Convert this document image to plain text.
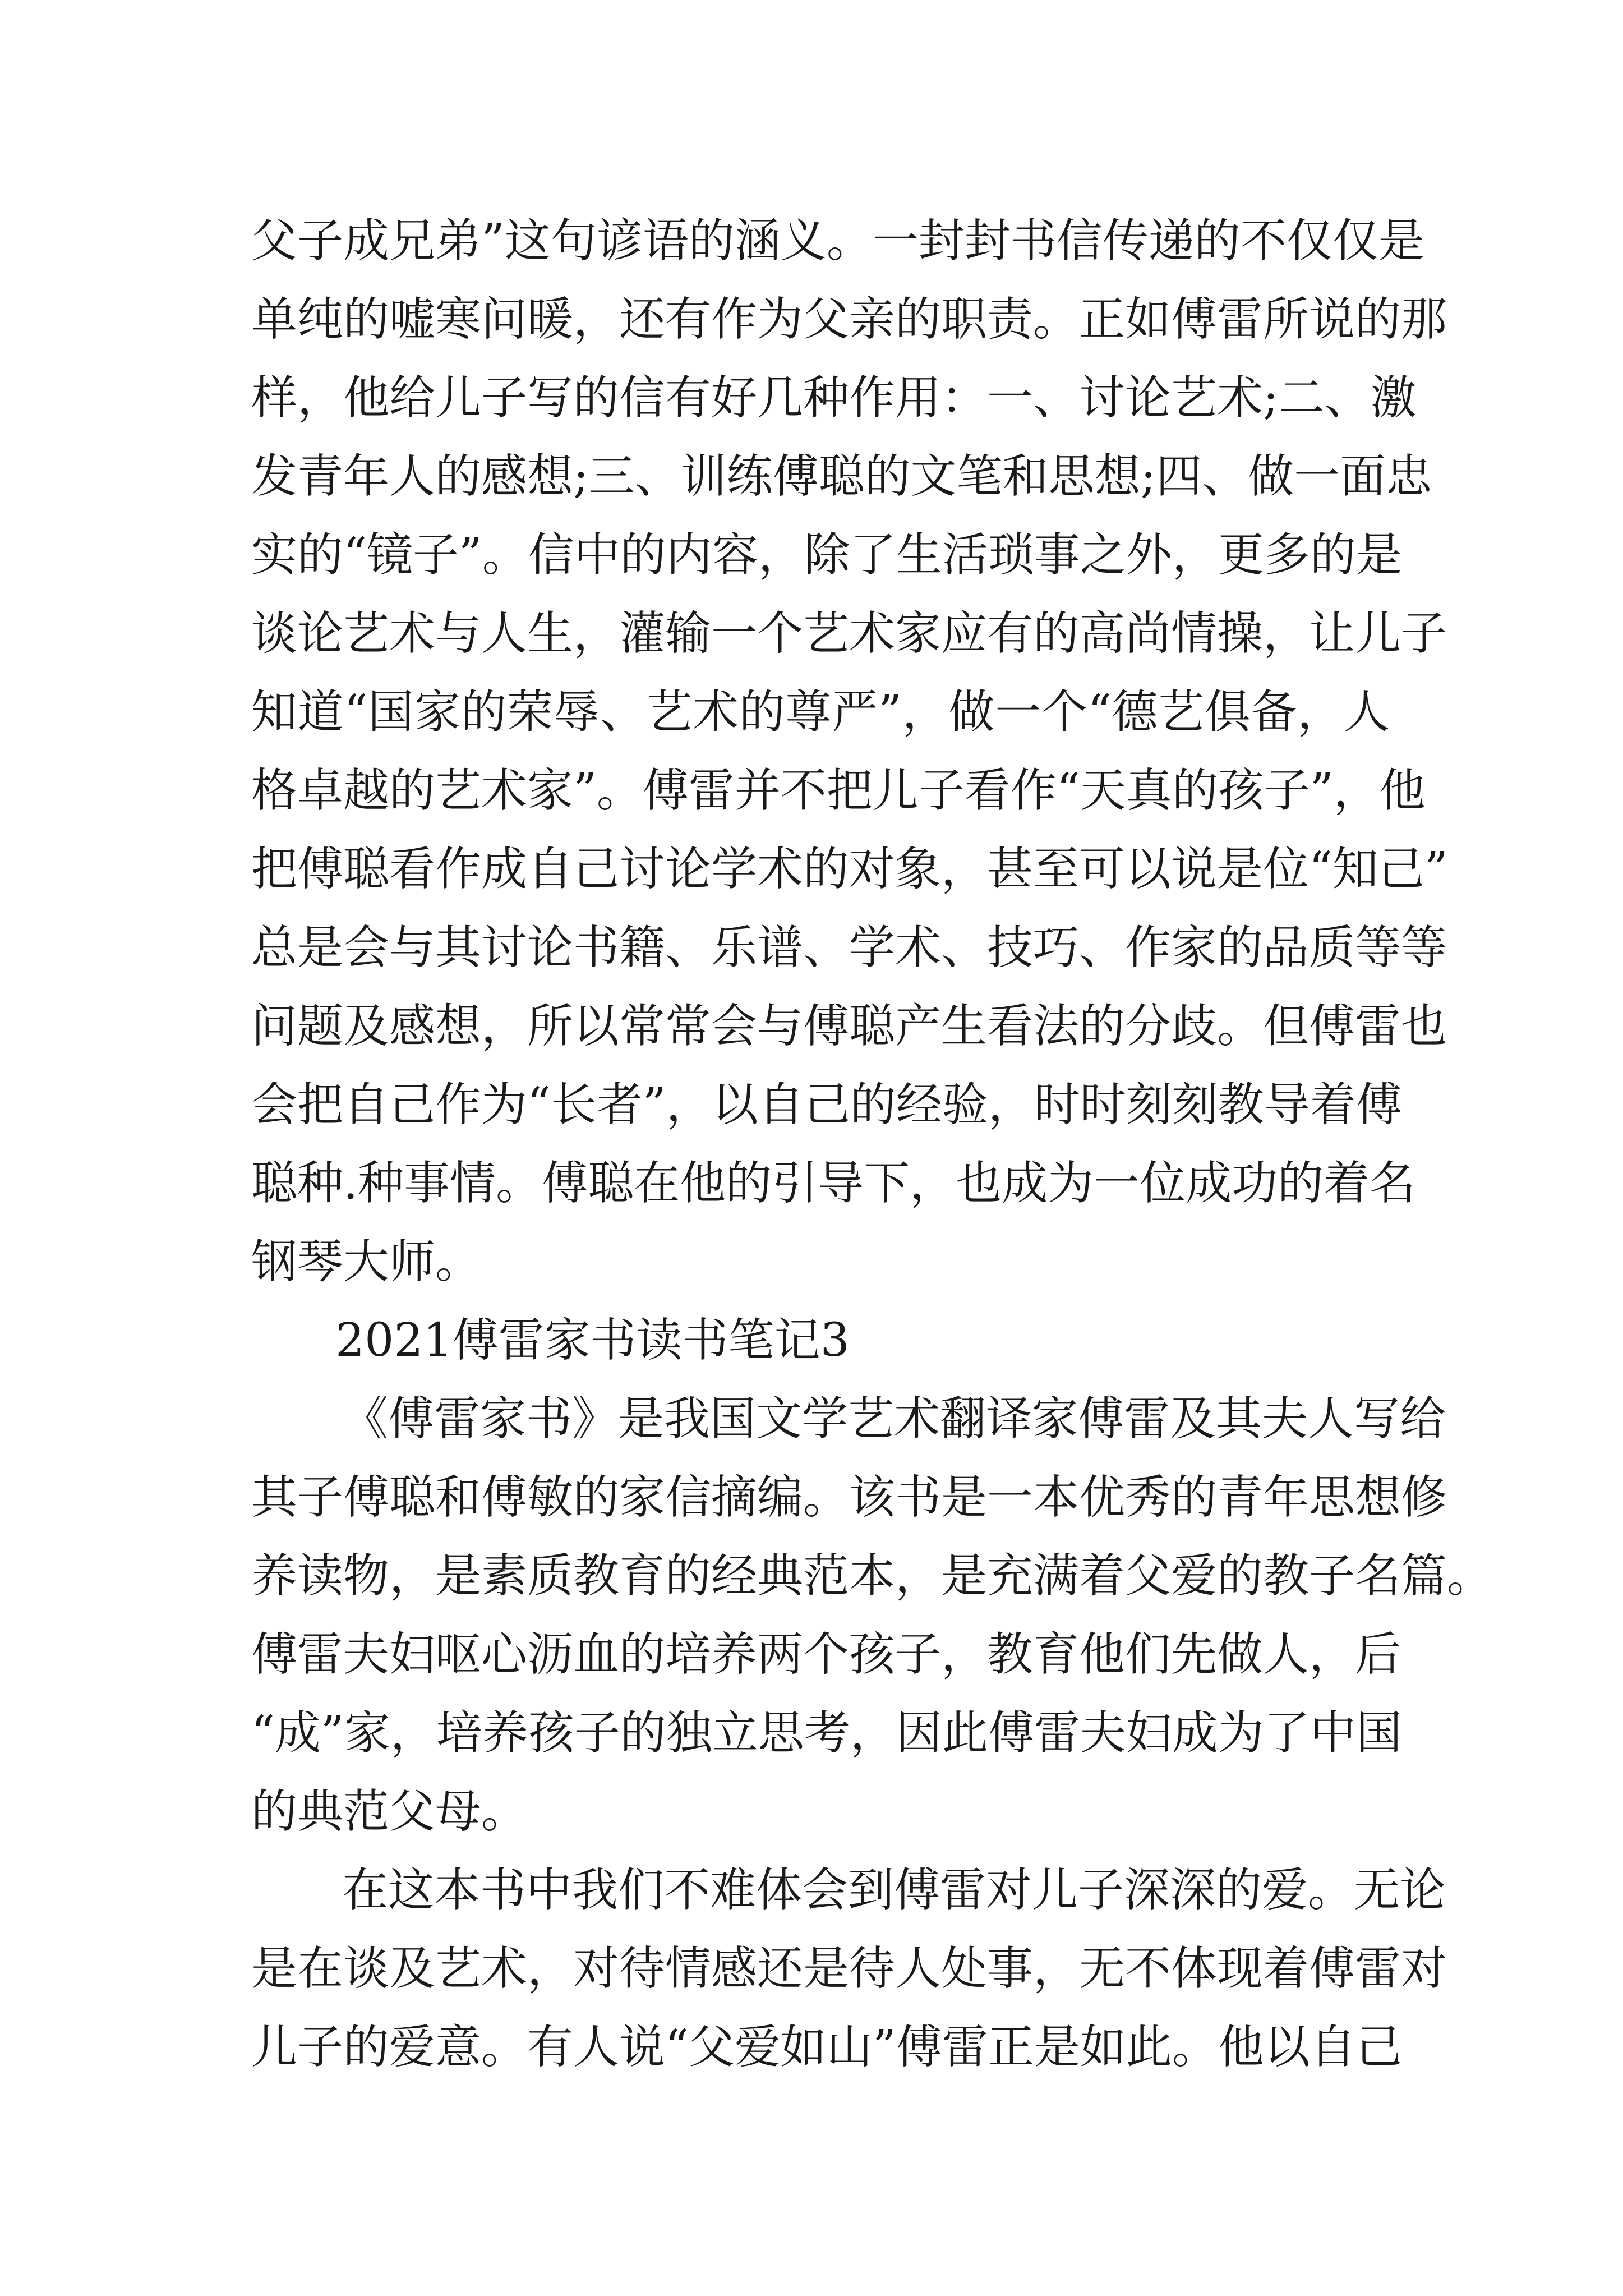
父子成兄弟”这句谚语的涵义。一封封书信传递的不仅仅是
单纯的嘘寒问暖，还有作为父亲的职责。正如傅雷所说的那
样，他给儿子写的信有好几种作用：一、讨论艺术;二、激
发青年人的感想;三、训练傅聪的文笔和思想;四、做一面忠
实的“镜子”。信中的内容，除了生活琐事之外，更多的是
谈论艺术与人生，灌输一个艺术家应有的高尚情操，让儿子
知道“国家的荣辱、艺术的尊严”，做一个“德艺俱备，人
格卓越的艺术家”。傅雷并不把儿子看作“天真的孩子”，他
把傅聪看作成自己讨论学术的对象，甚至可以说是位“知己”
总是会与其讨论书籍、乐谱、学术、技巧、作家的品质等等
问题及感想，所以常常会与傅聪产生看法的分歧。但傅雷也
会把自己作为“长者”，以自己的经验，时时刻刻教导着傅
聪种.种事情。傅聪在他的引导下，也成为一位成功的着名
钢琴大师。
2021傅雷家书读书笔记3
《傅雷家书》是我国文学艺术翻译家傅雷及其夫人写给
其子傅聪和傅敏的家信摘编。该书是一本优秀的青年思想修
养读物，是素质教育的经典范本，是充满着父爱的教子名篇。
傅雷夫妇呕心沥血的培养两个孩子，教育他们先做人，后
“成”家，培养孩子的独立思考，因此傅雷夫妇成为了中国
的典范父母。
在这本书中我们不难体会到傅雷对儿子深深的爱。无论
是在谈及艺术，对待情感还是待人处事，无不体现着傅雷对
儿子的爱意。有人说“父爱如山”傅雷正是如此。他以自己
